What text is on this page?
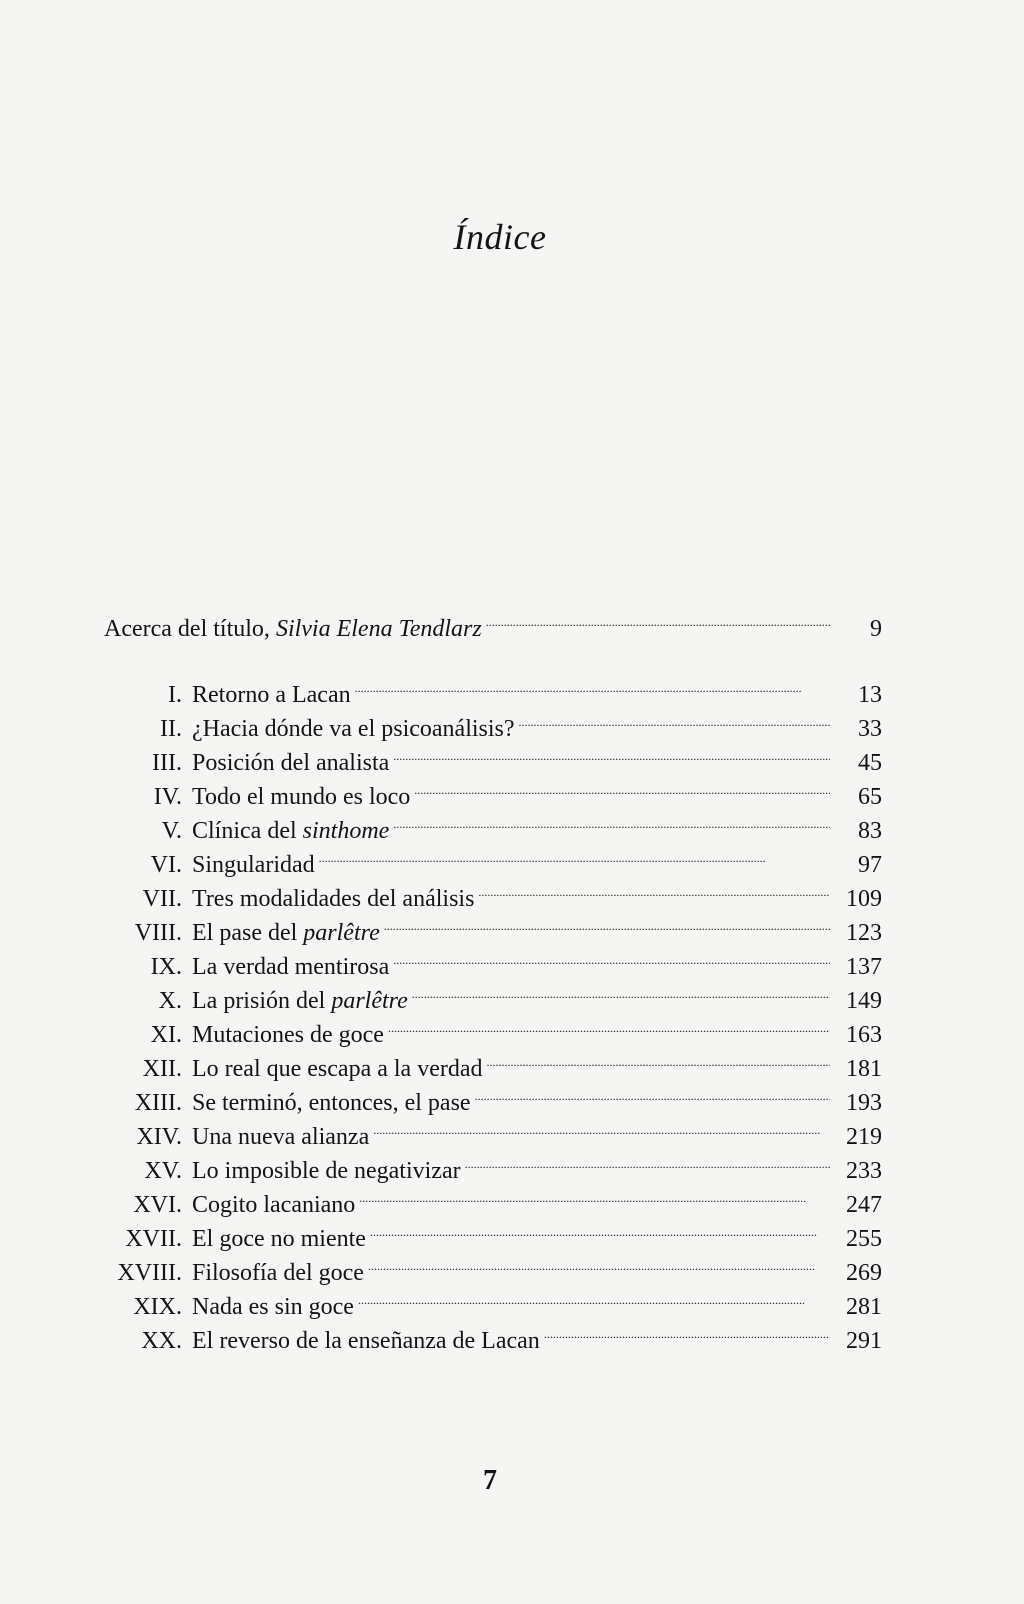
Índice
Acerca del título, Silvia Elena Tendlarz . . .	9
I. Retorno a Lacan . . .	13
II. ¿Hacia dónde va el psicoanálisis? . . .	33
III. Posición del analista . . .	45
IV. Todo el mundo es loco . . .	65
V. Clínica del sinthome . . .	83
VI. Singularidad . . .	97
VII. Tres modalidades del análisis . . .	109
VIII. El pase del parlêtre . . .	123
IX. La verdad mentirosa . . .	137
X. La prisión del parlêtre . . .	149
XI. Mutaciones de goce . . .	163
XII. Lo real que escapa a la verdad . . .	181
XIII. Se terminó, entonces, el pase . . .	193
XIV. Una nueva alianza . . .	219
XV. Lo imposible de negativizar . . .	233
XVI. Cogito lacaniano . . .	247
XVII. El goce no miente . . .	255
XVIII. Filosofía del goce . . .	269
XIX. Nada es sin goce . . .	281
XX. El reverso de la enseñanza de Lacan . . .	291
7
